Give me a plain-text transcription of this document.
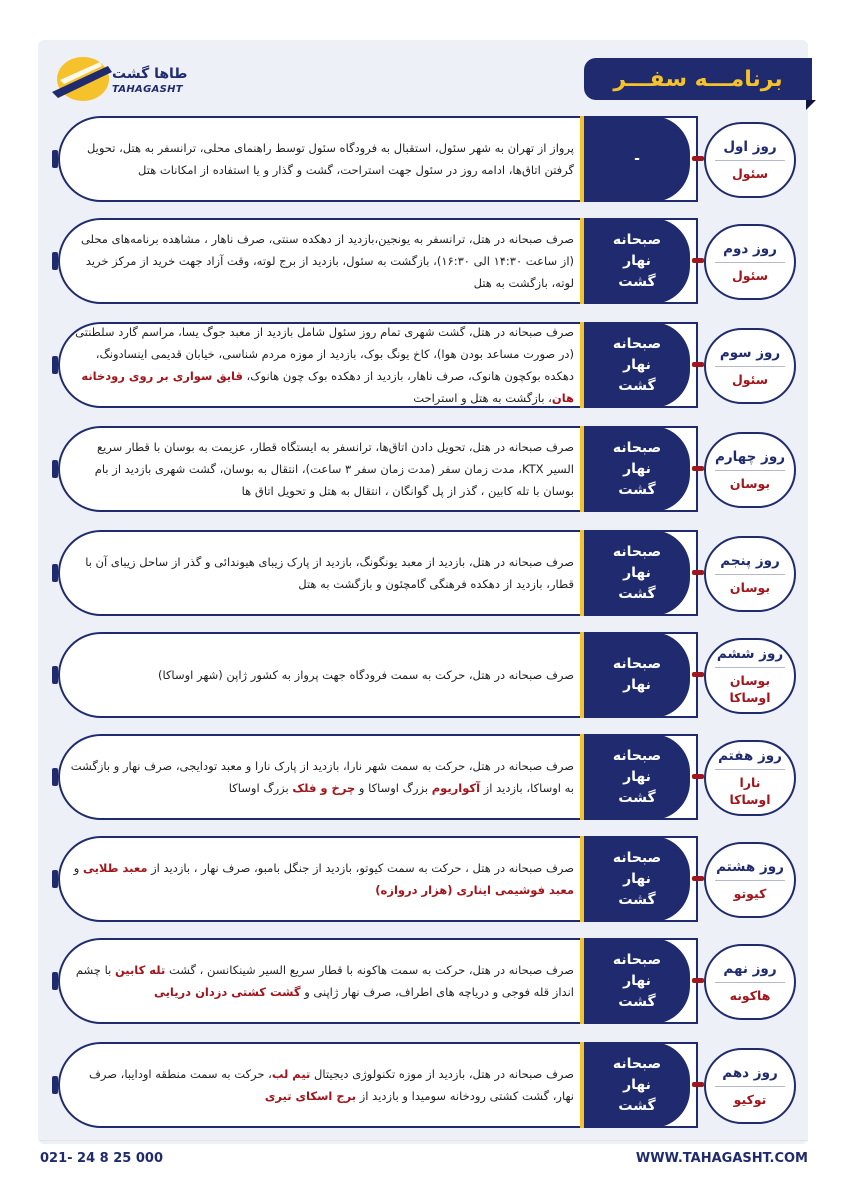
طاها گشت
TAHAGASHT	برنامـــه سفـــر

پرواز از تهران به شهر سئول، استقبال به فرودگاه سئول توسط راهنمای محلی، ترانسفر به هتل، تحویل گرفتن اتاق‌ها، ادامه روز در سئول جهت استراحت، گشت و گذار و یا استفاده از امکانات هتل

-
روز اول
سئول

صرف صبحانه در هتل، ترانسفر به یونجین،بازدید از دهکده سنتی، صرف ناهار ، مشاهده برنامه‌های محلی (از ساعت ۱۴:۳۰ الی ۱۶:۳۰)، بازگشت به سئول، بازدید از برج لوته، وقت آزاد جهت خرید از مرکز خرید لوته، بازگشت به هتل

صبحانه
نهار
گشت
روز دوم
سئول

صرف صبحانه در هتل، گشت شهری تمام روز سئول شامل بازدید از معبد جوگ یسا، مراسم گارد سلطنتی (در صورت مساعد بودن هوا)، کاخ یونگ بوک، بازدید از موزه مردم شناسی، خیابان قدیمی اینسادونگ، دهکده بوکچون هانوک، صرف ناهار، بازدید از دهکده بوک چون هانوک، قایق سواری بر روی رودخانه هان، بازگشت به هتل و استراحت

صبحانه
نهار
گشت
روز سوم
سئول

صرف صبحانه در هتل، تحویل دادن اتاق‌ها، ترانسفر به ایستگاه قطار، عزیمت به بوسان با قطار سریع السیر KTX، مدت زمان سفر (مدت زمان سفر ۳ ساعت)، انتقال به بوسان، گشت شهری بازدید از بام بوسان با تله کابین ، گذر از پل گوانگان ، انتقال به هتل و تحویل اتاق ها

صبحانه
نهار
گشت
روز چهارم
بوسان

صرف صبحانه در هتل، بازدید از معبد یونگونگ، بازدید از پارک زیبای هیوندائی و گذر از ساحل زیبای آن با قطار، بازدید از دهکده فرهنگی گامچئون و بازگشت به هتل

صبحانه
نهار
گشت
روز پنجم
بوسان

صرف صبحانه در هتل، حرکت به سمت فرودگاه جهت پرواز به کشور ژاپن (شهر اوساکا)

صبحانه
نهار
روز ششم
بوسان
اوساکا

صرف صبحانه در هتل، حرکت به سمت شهر نارا، بازدید از پارک نارا و معبد تودایجی، صرف نهار و بازگشت به اوساکا، بازدید از آکواریوم بزرگ اوساکا و چرخ و فلک بزرگ اوساکا

صبحانه
نهار
گشت
روز هفتم
نارا
اوساکا

صرف صبحانه در هتل ، حرکت به سمت کیوتو، بازدید از جنگل بامبو، صرف نهار ، بازدید از معبد طلایی و معبد فوشیمی ایناری (هزار دروازه)

صبحانه
نهار
گشت
روز هشتم
کیوتو

صرف صبحانه در هتل، حرکت به سمت هاکونه با قطار سریع السیر شینکانسن ، گشت تله کابین با چشم انداز قله فوجی و دریاچه های اطراف، صرف نهار ژاپنی و گشت کشتی دزدان دریایی

صبحانه
نهار
گشت
روز نهم
هاکونه

صرف صبحانه در هتل، بازدید از موزه تکنولوژی دیجیتال تیم لب، حرکت به سمت منطقه اودایبا، صرف نهار، گشت کشتی رودخانه سومیدا و بازدید از برج اسکای تیری

صبحانه
نهار
گشت
روز دهم
توکیو
021- 24 8 25 000	WWW.TAHAGASHT.COM
